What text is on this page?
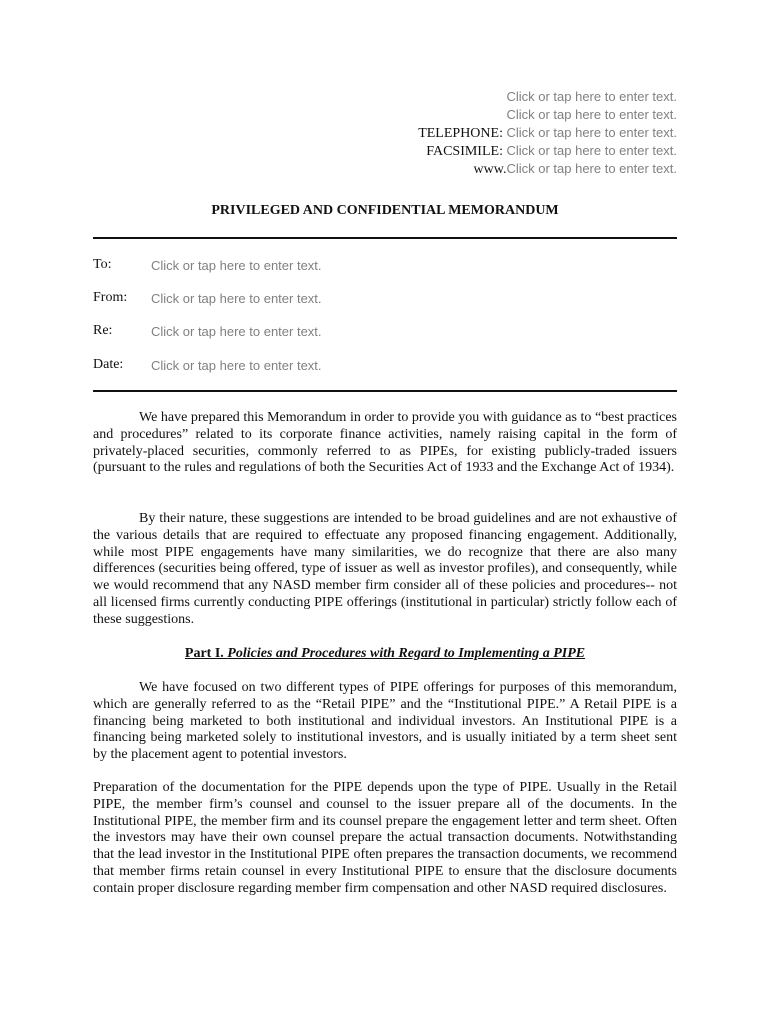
Click or tap here to enter text.
Click or tap here to enter text.
TELEPHONE: Click or tap here to enter text.
FACSIMILE: Click or tap here to enter text.
www.Click or tap here to enter text.
PRIVILEGED AND CONFIDENTIAL MEMORANDUM
To:	Click or tap here to enter text.
From: Click or tap here to enter text.
Re:	Click or tap here to enter text.
Date: Click or tap here to enter text.

We have prepared this Memorandum in order to provide you with guidance as to “best practices and procedures” related to its corporate finance activities, namely raising capital in the form of privately-placed securities, commonly referred to as PIPEs, for existing publicly-traded issuers (pursuant to the rules and regulations of both the Securities Act of 1933 and the Exchange Act of 1934).

By their nature, these suggestions are intended to be broad guidelines and are not exhaustive of the various details that are required to effectuate any proposed financing engagement. Additionally, while most PIPE engagements have many similarities, we do recognize that there are also many differences (securities being offered, type of issuer as well as investor profiles), and consequently, while we would recommend that any NASD member firm consider all of these policies and procedures-- not all licensed firms currently conducting PIPE offerings (institutional in particular) strictly follow each of these suggestions.

Part I. Policies and Procedures with Regard to Implementing a PIPE

We have focused on two different types of PIPE offerings for purposes of this memorandum, which are generally referred to as the “Retail PIPE” and the “Institutional PIPE.” A Retail PIPE is a financing being marketed to both institutional and individual investors. An Institutional PIPE is a financing being marketed solely to institutional investors, and is usually initiated by a term sheet sent by the placement agent to potential investors.

Preparation of the documentation for the PIPE depends upon the type of PIPE. Usually in the Retail PIPE, the member firm’s counsel and counsel to the issuer prepare all of the documents. In the Institutional PIPE, the member firm and its counsel prepare the engagement letter and term sheet. Often the investors may have their own counsel prepare the actual transaction documents. Notwithstanding that the lead investor in the Institutional PIPE often prepares the transaction documents, we recommend that member firms retain counsel in every Institutional PIPE to ensure that the disclosure documents contain proper disclosure regarding member firm compensation and other NASD required disclosures.
